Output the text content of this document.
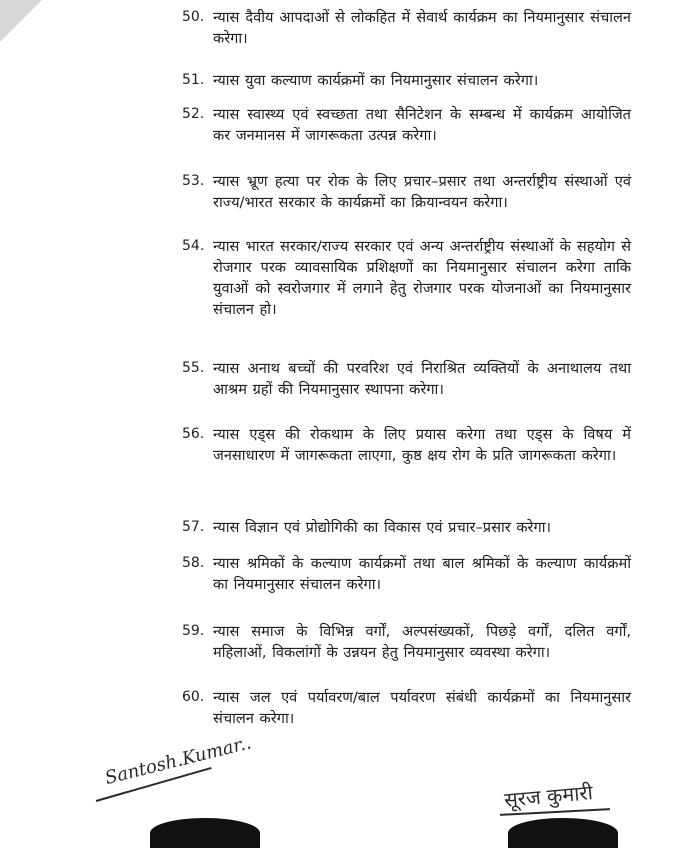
50. न्यास दैवीय आपदाओं से लोकहित में सेवार्थ कार्यक्रम का नियमानुसार संचालन करेगा।
51. न्यास युवा कल्याण कार्यक्रमों का नियमानुसार संचालन करेगा।
52. न्यास स्वास्थ्य एवं स्वच्छता तथा सैनिटेशन के सम्बन्ध में कार्यक्रम आयोजित कर जनमानस में जागरूकता उत्पन्न करेगा।
53. न्यास भ्रूण हत्या पर रोक के लिए प्रचार–प्रसार तथा अन्तर्राष्ट्रीय संस्थाओं एवं राज्य/भारत सरकार के कार्यक्रमों का क्रियान्वयन करेगा।
54. न्यास भारत सरकार/राज्य सरकार एवं अन्य अन्तर्राष्ट्रीय संस्थाओं के सहयोग से रोजगार परक व्यावसायिक प्रशिक्षणों का नियमानुसार संचालन करेगा ताकि युवाओं को स्वरोजगार में लगाने हेतु रोजगार परक योजनाओं का नियमानुसार संचालन हो।
55. न्यास अनाथ बच्चों की परवरिश एवं निराश्रित व्यक्तियों के अनाथालय तथा आश्रम ग्रहों की नियमानुसार स्थापना करेगा।
56. न्यास एड्स की रोकथाम के लिए प्रयास करेगा तथा एड्स के विषय में जनसाधारण में जागरूकता लाएगा, कुष्ठ क्षय रोग के प्रति जागरूकता करेगा।
57. न्यास विज्ञान एवं प्रोद्योगिकी का विकास एवं प्रचार–प्रसार करेगा।
58. न्यास श्रमिकों के कल्याण कार्यक्रमों तथा बाल श्रमिकों के कल्याण कार्यक्रमों का नियमानुसार संचालन करेगा।
59. न्यास समाज के विभिन्न वर्गों, अल्पसंख्यकों, पिछड़े वर्गों, दलित वर्गों, महिलाओं, विकलांगों के उन्नयन हेतु नियमानुसार व्यवस्था करेगा।
60. न्यास जल एवं पर्यावरण/बाल पर्यावरण संबंधी कार्यक्रमों का नियमानुसार संचालन करेगा।
Santosh.Kumar..
सूरज कुमारी
